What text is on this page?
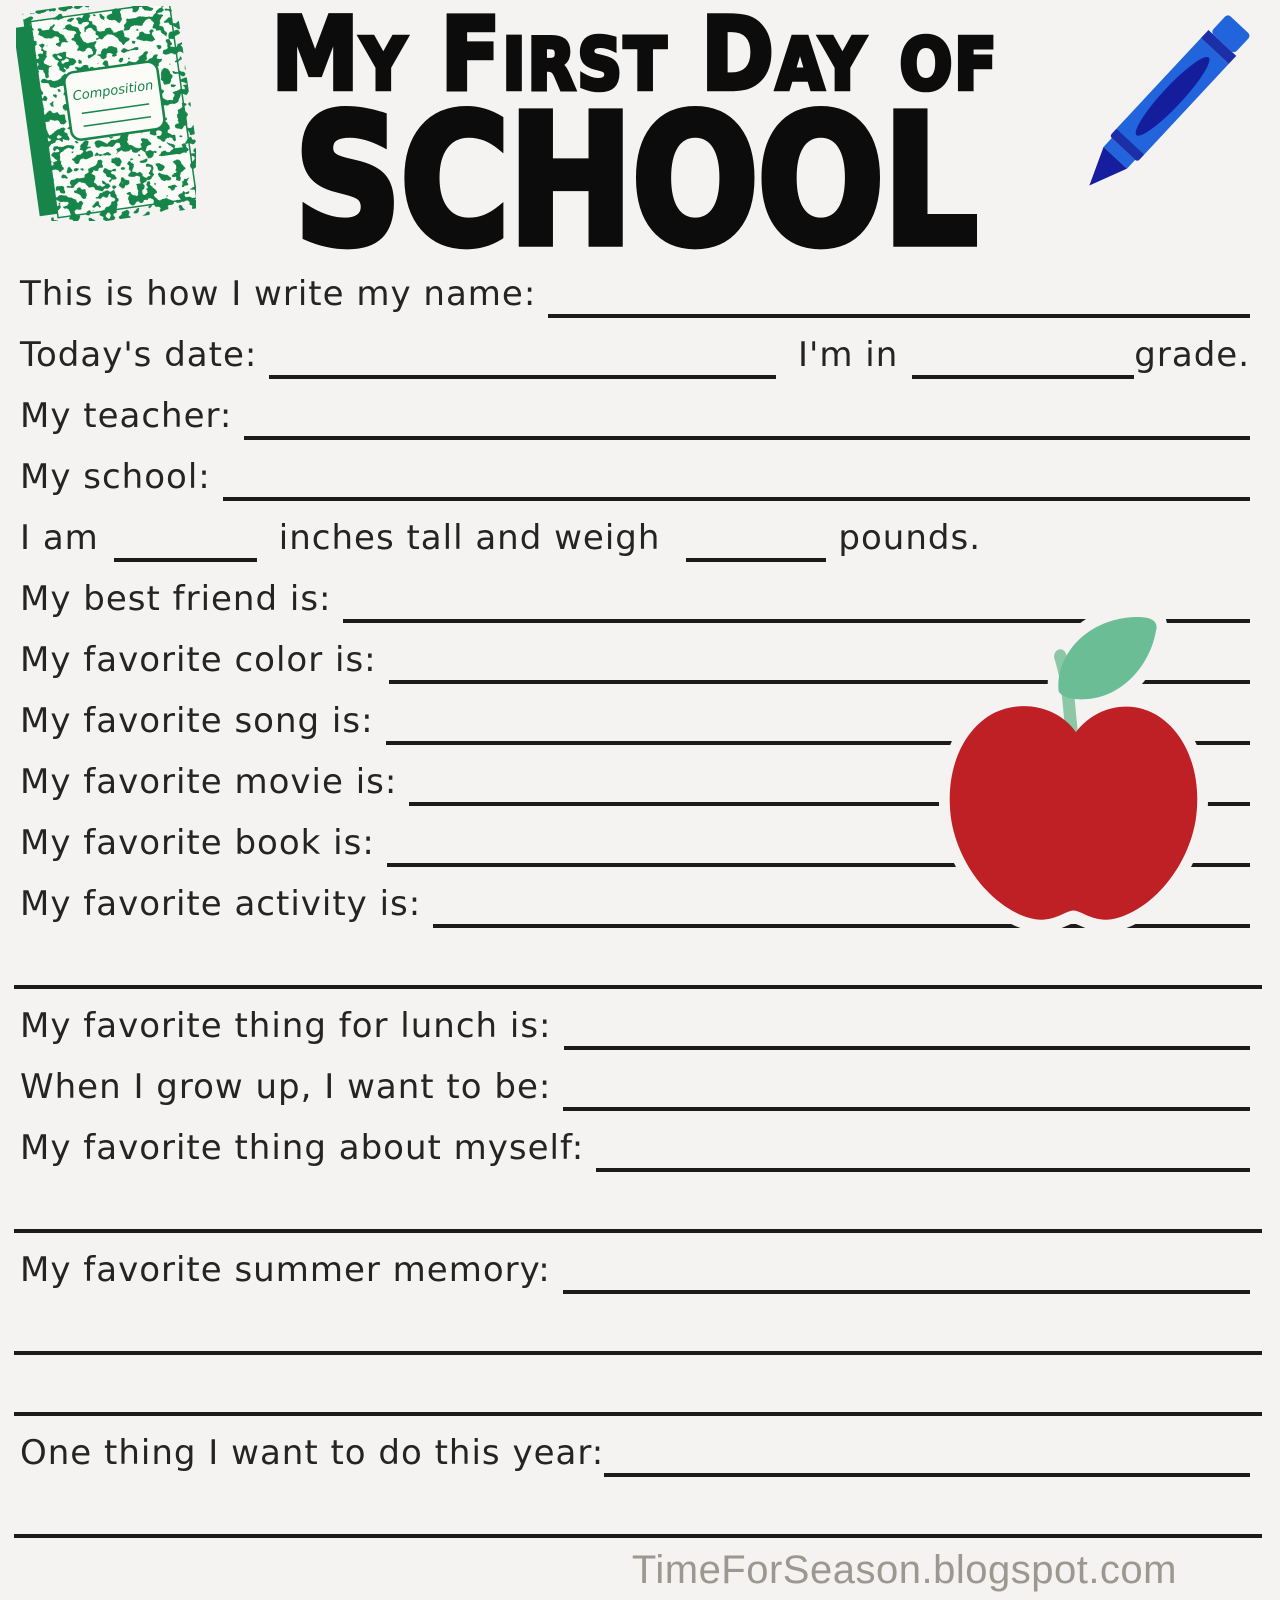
Composition	My First Day of
SCHOOL
This is how I write my name:
Today's date:	I'm in	grade.
My teacher:
My school:
I am	inches tall and weigh	pounds.
My best friend is:
My favorite color is:
My favorite song is:
My favorite movie is:
My favorite book is:
My favorite activity is:
My favorite thing for lunch is:
When I grow up, I want to be:
My favorite thing about myself:
My favorite summer memory:
One thing I want to do this year:
TimeForSeason.blogspot.com
